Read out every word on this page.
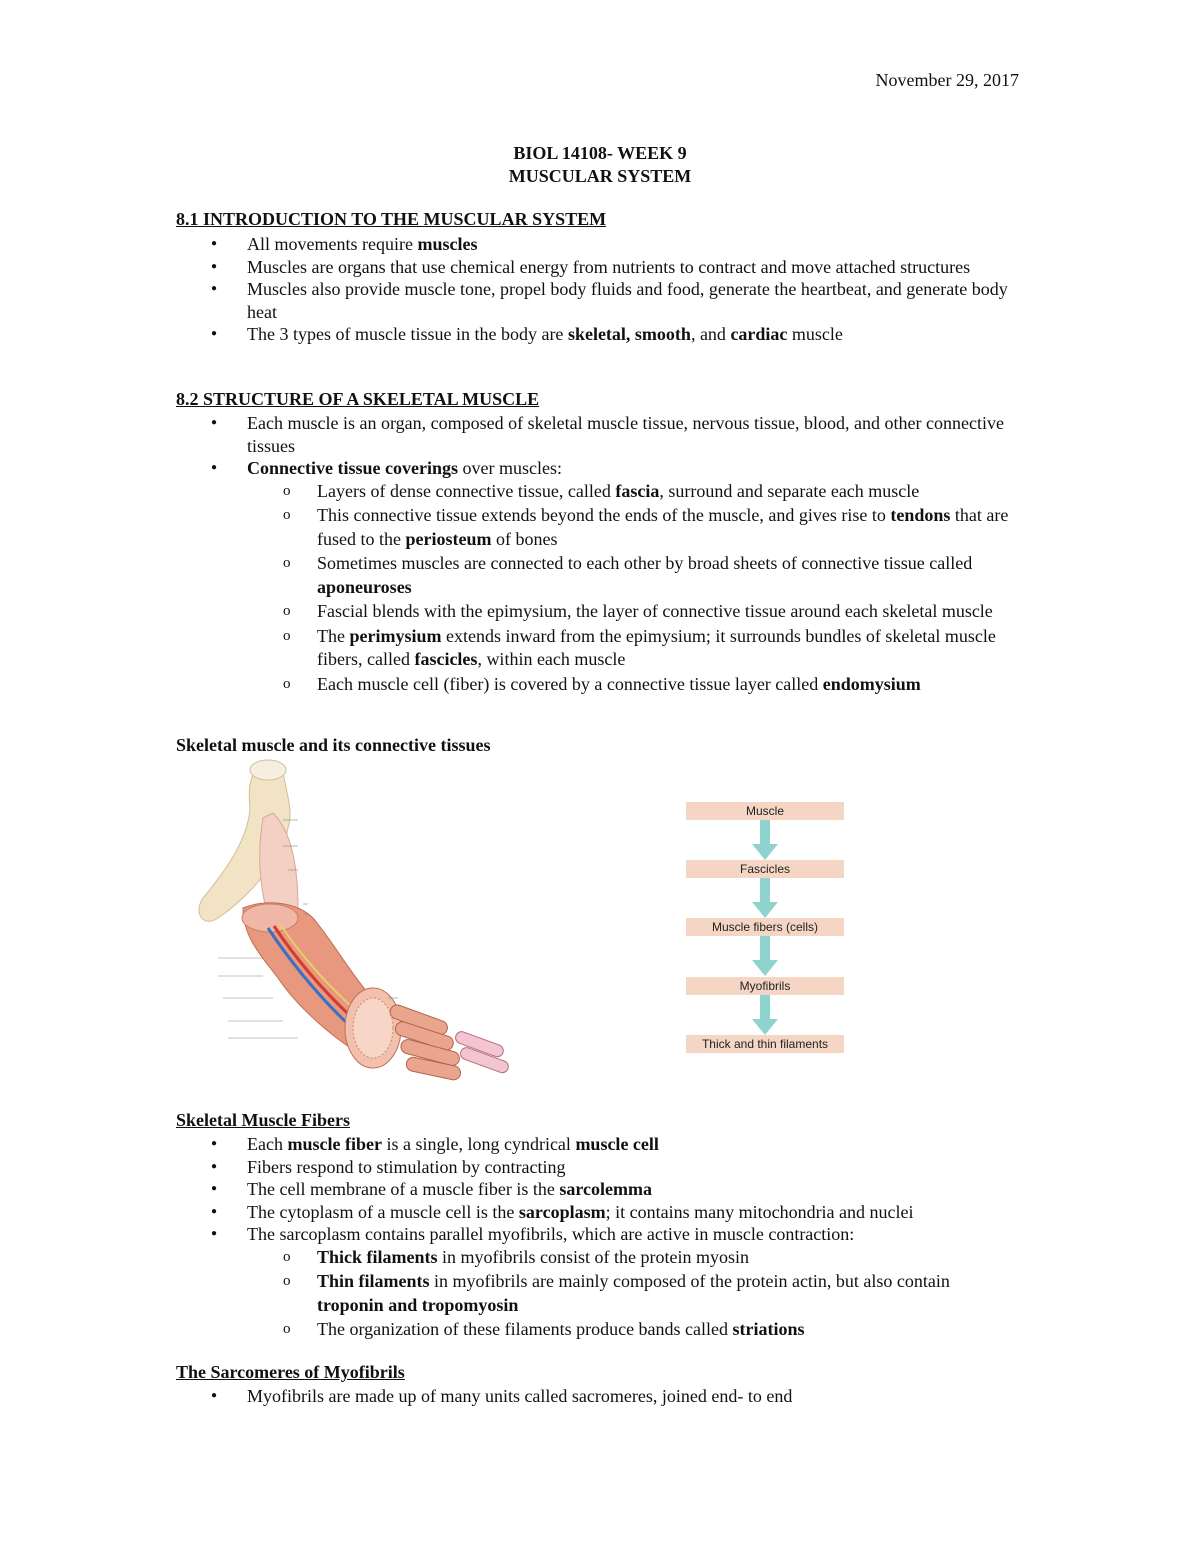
November 29, 2017
BIOL 14108- WEEK 9
MUSCULAR SYSTEM
8.1 INTRODUCTION TO THE MUSCULAR SYSTEM
● All movements require muscles
● Muscles are organs that use chemical energy from nutrients to contract and move attached structures
● Muscles also provide muscle tone, propel body fluids and food, generate the heartbeat, and generate body heat
● The 3 types of muscle tissue in the body are skeletal, smooth, and cardiac muscle
8.2 STRUCTURE OF A SKELETAL MUSCLE
● Each muscle is an organ, composed of skeletal muscle tissue, nervous tissue, blood, and other connective tissues
● Connective tissue coverings over muscles:
o Layers of dense connective tissue, called fascia, surround and separate each muscle
o This connective tissue extends beyond the ends of the muscle, and gives rise to tendons that are fused to the periosteum of bones
o Sometimes muscles are connected to each other by broad sheets of connective tissue called aponeuroses
o Fascial blends with the epimysium, the layer of connective tissue around each skeletal muscle
o The perimysium extends inward from the epimysium; it surrounds bundles of skeletal muscle fibers, called fascicles, within each muscle
o Each muscle cell (fiber) is covered by a connective tissue layer called endomysium
Skeletal muscle and its connective tissues
Muscle
Fascicles
Muscle fibers (cells)
Myofibrils
Thick and thin filaments
Skeletal Muscle Fibers
● Each muscle fiber is a single, long cyndrical muscle cell
● Fibers respond to stimulation by contracting
● The cell membrane of a muscle fiber is the sarcolemma
● The cytoplasm of a muscle cell is the sarcoplasm; it contains many mitochondria and nuclei
● The sarcoplasm contains parallel myofibrils, which are active in muscle contraction:
o Thick filaments in myofibrils consist of the protein myosin
o Thin filaments in myofibrils are mainly composed of the protein actin, but also contain troponin and tropomyosin
o The organization of these filaments produce bands called striations
The Sarcomeres of Myofibrils
● Myofibrils are made up of many units called sacromeres, joined end- to end
